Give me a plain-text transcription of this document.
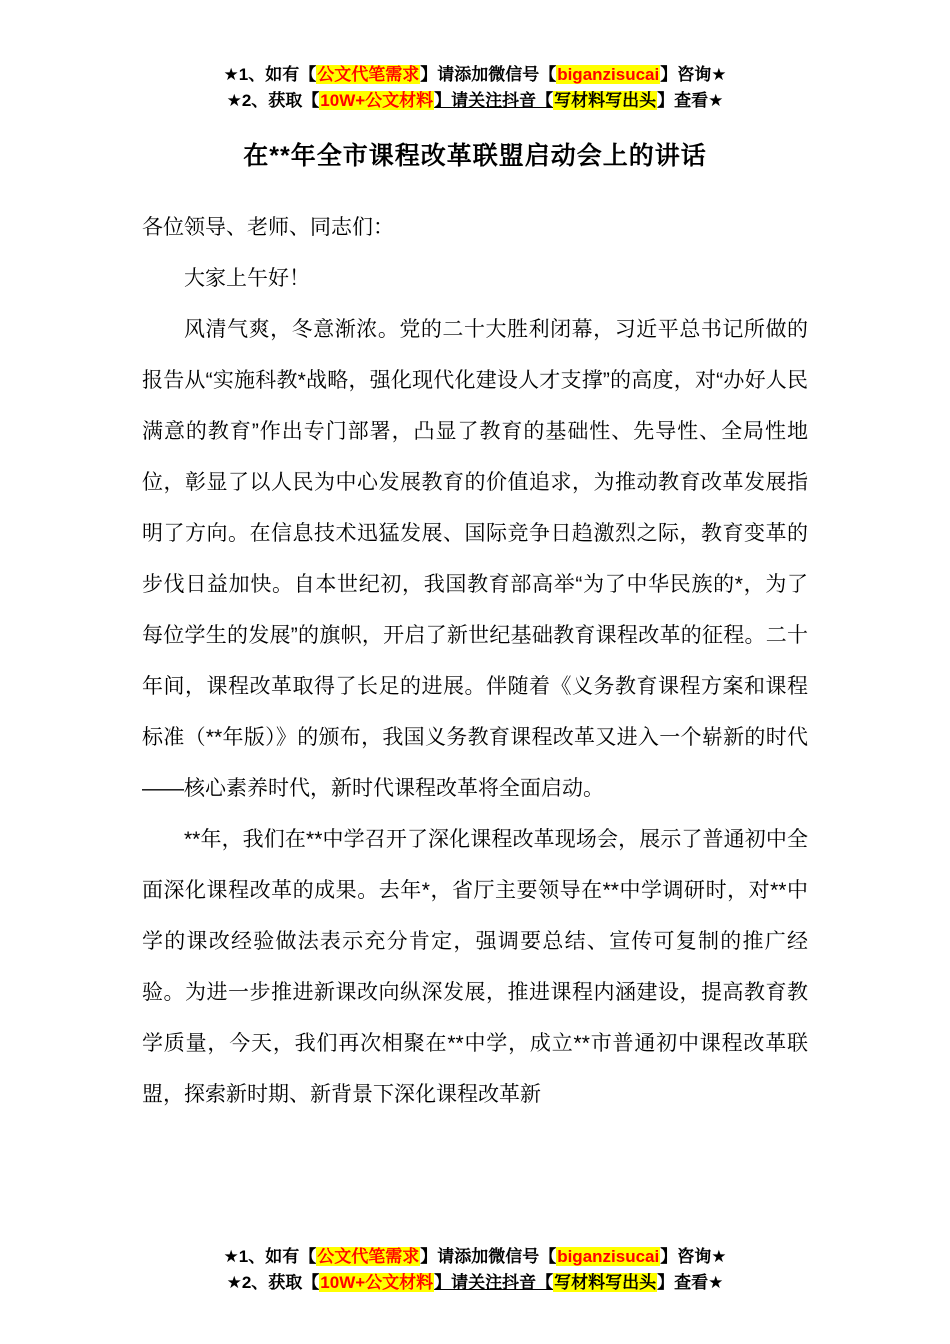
★1、如有【公文代笔需求】请添加微信号【biganzisucai】咨询★
★2、获取【10W+公文材料】请关注抖音【写材料写出头】查看★
在**年全市课程改革联盟启动会上的讲话

各位领导、老师、同志们：

大家上午好！

风清气爽，冬意渐浓。党的二十大胜利闭幕，习近平总书记所做的报告从“实施科教*战略，强化现代化建设人才支撑”的高度，对“办好人民满意的教育”作出专门部署，凸显了教育的基础性、先导性、全局性地位，彰显了以人民为中心发展教育的价值追求，为推动教育改革发展指明了方向。在信息技术迅猛发展、国际竞争日趋激烈之际，教育变革的步伐日益加快。自本世纪初，我国教育部高举“为了中华民族的*，为了每位学生的发展”的旗帜，开启了新世纪基础教育课程改革的征程。二十年间，课程改革取得了长足的进展。伴随着《义务教育课程方案和课程标准（**年版）》的颁布，我国义务教育课程改革又进入一个崭新的时代——核心素养时代，新时代课程改革将全面启动。

**年，我们在**中学召开了深化课程改革现场会，展示了普通初中全面深化课程改革的成果。去年*，省厅主要领导在**中学调研时，对**中学的课改经验做法表示充分肯定，强调要总结、宣传可复制的推广经验。为进一步推进新课改向纵深发展，推进课程内涵建设，提高教育教学质量，今天，我们再次相聚在**中学，成立**市普通初中课程改革联盟，探索新时期、新背景下深化课程改革新

★1、如有【公文代笔需求】请添加微信号【biganzisucai】咨询★
★2、获取【10W+公文材料】请关注抖音【写材料写出头】查看★
